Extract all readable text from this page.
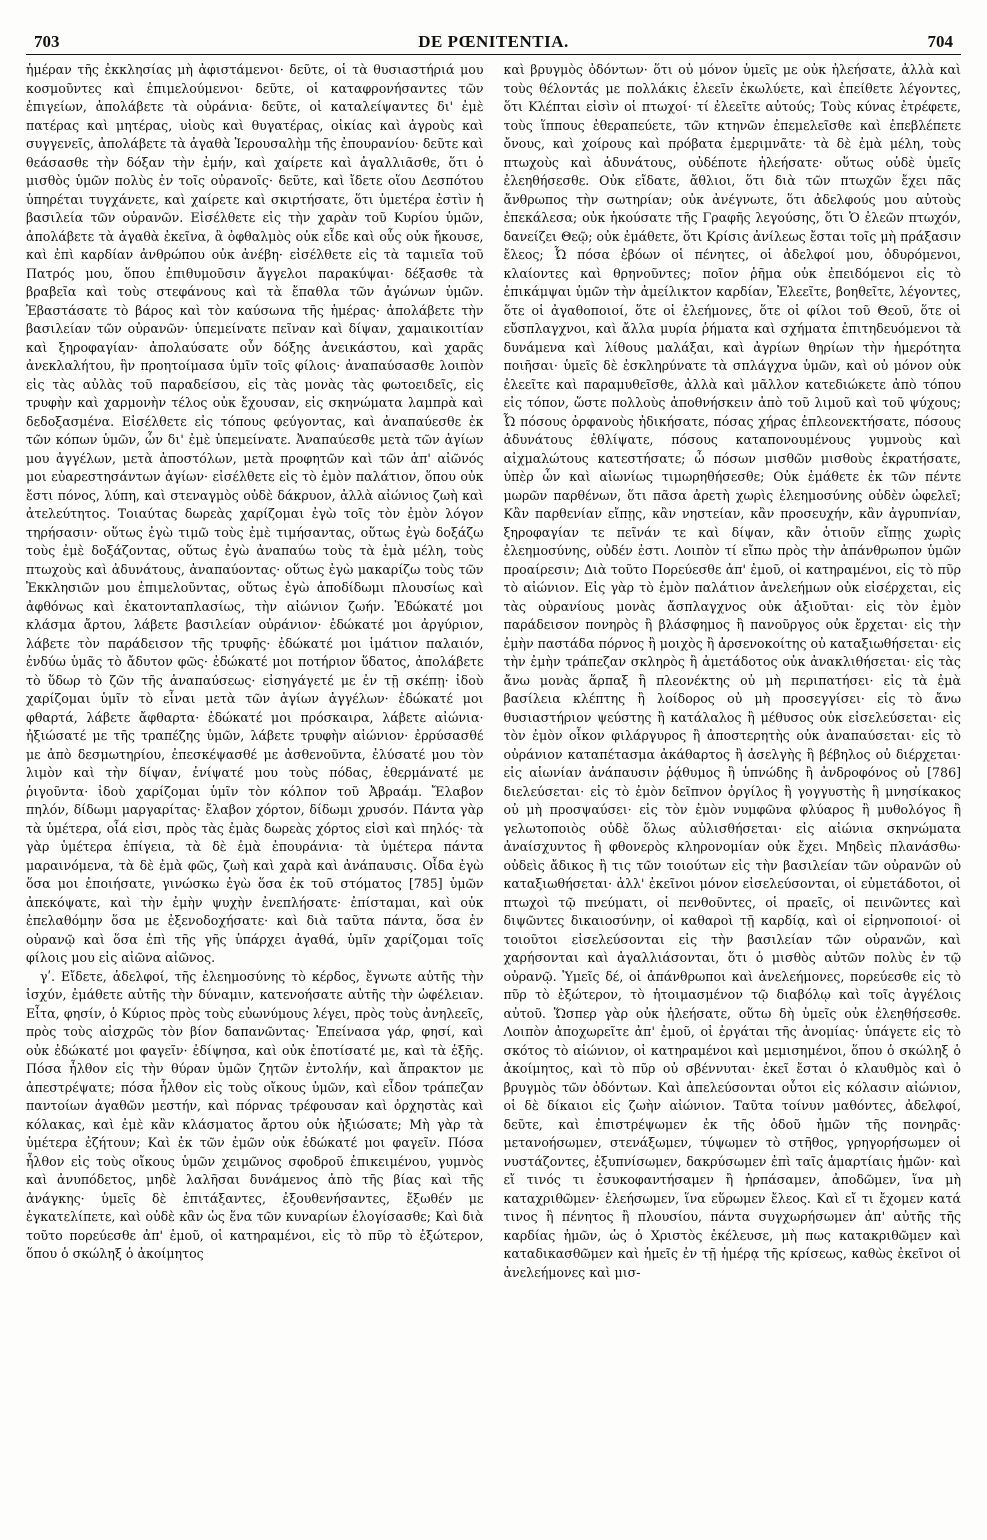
703	DE PŒNITENTIA.	704

ἡμέραν τῆς ἐκκλησίας μὴ ἀφιστάμενοι· δεῦτε, οἱ τὰ θυσιαστήριά μου κοσμοῦντες καὶ ἐπιμελούμενοι· δεῦτε, οἱ καταφρονήσαντες τῶν ἐπιγείων, ἀπολάβετε τὰ οὐράνια· δεῦτε, οἱ καταλείψαντες δι' ἐμὲ πατέρας καὶ μητέρας, υἱοὺς καὶ θυγατέρας, οἰκίας καὶ ἀγροὺς καὶ συγγενεῖς, ἀπολάβετε τὰ ἀγαθὰ Ἱερουσαλὴμ τῆς ἐπουρανίου· δεῦτε καὶ θεάσασθε τὴν δόξαν τὴν ἐμήν, καὶ χαίρετε καὶ ἀγαλλιᾶσθε, ὅτι ὁ μισθὸς ὑμῶν πολὺς ἐν τοῖς οὐρανοῖς· δεῦτε, καὶ ἴδετε οἵου Δεσπότου ὑπηρέται τυγχάνετε, καὶ χαίρετε καὶ σκιρτήσατε, ὅτι ὑμετέρα ἐστὶν ἡ βασιλεία τῶν οὐρανῶν. Εἰσέλθετε εἰς τὴν χαρὰν τοῦ Κυρίου ὑμῶν, ἀπολάβετε τὰ ἀγαθὰ ἐκεῖνα, ἃ ὀφθαλμὸς οὐκ εἶδε καὶ οὖς οὐκ ἤκουσε, καὶ ἐπὶ καρδίαν ἀνθρώπου οὐκ ἀνέβη· εἰσέλθετε εἰς τὰ ταμιεῖα τοῦ Πατρός μου, ὅπου ἐπιθυμοῦσιν ἄγγελοι παρακύψαι· δέξασθε τὰ βραβεῖα καὶ τοὺς στεφάνους καὶ τὰ ἔπαθλα τῶν ἀγώνων ὑμῶν. Ἐβαστάσατε τὸ βάρος καὶ τὸν καύσωνα τῆς ἡμέρας· ἀπολάβετε τὴν βασιλείαν τῶν οὐρανῶν· ὑπεμείνατε πεῖναν καὶ δίψαν, χαμαικοιτίαν καὶ ξηροφαγίαν· ἀπολαύσατε οὖν δόξης ἀνεικάστου, καὶ χαρᾶς ἀνεκλαλήτου, ἣν προητοίμασα ὑμῖν τοῖς φίλοις· ἀναπαύσασθε λοιπὸν εἰς τὰς αὐλὰς τοῦ παραδείσου, εἰς τὰς μονὰς τὰς φωτοειδεῖς, εἰς τρυφὴν καὶ χαρμονὴν τέλος οὐκ ἔχουσαν, εἰς σκηνώματα λαμπρὰ καὶ δεδοξασμένα. Εἰσέλθετε εἰς τόπους φεύγοντας, καὶ ἀναπαύεσθε ἐκ τῶν κόπων ὑμῶν, ὧν δι' ἐμὲ ὑπεμείνατε. Ἀναπαύεσθε μετὰ τῶν ἁγίων μου ἀγγέλων, μετὰ ἀποστόλων, μετὰ προφητῶν καὶ τῶν ἀπ' αἰῶνός μοι εὐαρεστησάντων ἁγίων· εἰσέλθετε εἰς τὸ ἐμὸν παλάτιον, ὅπου οὐκ ἔστι πόνος, λύπη, καὶ στεναγμὸς οὐδὲ δάκρυον, ἀλλὰ αἰώνιος ζωὴ καὶ ἀτελεύτητος. Τοιαύτας δωρεὰς χαρίζομαι ἐγὼ τοῖς τὸν ἐμὸν λόγον τηρήσασιν· οὕτως ἐγὼ τιμῶ τοὺς ἐμὲ τιμήσαντας, οὕτως ἐγὼ δοξάζω τοὺς ἐμὲ δοξάζοντας, οὕτως ἐγὼ ἀναπαύω τοὺς τὰ ἐμὰ μέλη, τοὺς πτωχοὺς καὶ ἀδυνάτους, ἀναπαύοντας· οὕτως ἐγὼ μακαρίζω τοὺς τῶν Ἐκκλησιῶν μου ἐπιμελοῦντας, οὕτως ἐγὼ ἀποδίδωμι πλουσίως καὶ ἀφθόνως καὶ ἑκατονταπλασίως, τὴν αἰώνιον ζωήν. Ἐδώκατέ μοι κλάσμα ἄρτου, λάβετε βασιλείαν οὐράνιον· ἐδώκατέ μοι ἀργύριον, λάβετε τὸν παράδεισον τῆς τρυφῆς· ἐδώκατέ μοι ἱμάτιον παλαιόν, ἐνδύω ὑμᾶς τὸ ἄδυτον φῶς· ἐδώκατέ μοι ποτήριον ὕδατος, ἀπολάβετε τὸ ὕδωρ τὸ ζῶν τῆς ἀναπαύσεως· εἰσηγάγετέ με ἐν τῇ σκέπῃ· ἰδοὺ χαρίζομαι ὑμῖν τὸ εἶναι μετὰ τῶν ἁγίων ἀγγέλων· ἐδώκατέ μοι φθαρτά, λάβετε ἄφθαρτα· ἐδώκατέ μοι πρόσκαιρα, λάβετε αἰώνια· ἠξιώσατέ με τῆς τραπέζης ὑμῶν, λάβετε τρυφὴν αἰώνιον· ἐρρύσασθέ με ἀπὸ δεσμωτηρίου, ἐπεσκέψασθέ με ἀσθενοῦντα, ἐλύσατέ μου τὸν λιμὸν καὶ τὴν δίψαν, ἐνίψατέ μου τοὺς πόδας, ἐθερμάνατέ με ῥιγοῦντα· ἰδοὺ χαρίζομαι ὑμῖν τὸν κόλπον τοῦ Ἀβραάμ. Ἔλαβον πηλόν, δίδωμι μαργαρίτας· ἔλαβον χόρτον, δίδωμι χρυσόν. Πάντα γὰρ τὰ ὑμέτερα, οἷά εἰσι, πρὸς τὰς ἐμὰς δωρεὰς χόρτος εἰσὶ καὶ πηλός· τὰ γὰρ ὑμέτερα ἐπίγεια, τὰ δὲ ἐμὰ ἐπουράνια· τὰ ὑμέτερα πάντα μαραινόμενα, τὰ δὲ ἐμὰ φῶς, ζωὴ καὶ χαρὰ καὶ ἀνάπαυσις. Οἶδα ἐγὼ ὅσα μοι ἐποιήσατε, γινώσκω ἐγὼ ὅσα ἐκ τοῦ στόματος [785] ὑμῶν ἀπεκόψατε, καὶ τὴν ἐμὴν ψυχὴν ἐνεπλήσατε· ἐπίσταμαι, καὶ οὐκ ἐπελαθόμην ὅσα με ἐξενοδοχήσατε· καὶ διὰ ταῦτα πάντα, ὅσα ἐν οὐρανῷ καὶ ὅσα ἐπὶ τῆς γῆς ὑπάρχει ἀγαθά, ὑμῖν χαρίζομαι τοῖς φίλοις μου εἰς αἰῶνα αἰῶνος.

γʹ. Εἴδετε, ἀδελφοί, τῆς ἐλεημοσύνης τὸ κέρδος, ἔγνωτε αὐτῆς τὴν ἰσχύν, ἐμάθετε αὐτῆς τὴν δύναμιν, κατενοήσατε αὐτῆς τὴν ὠφέλειαν. Εἶτα, φησίν, ὁ Κύριος πρὸς τοὺς εὐωνύμους λέγει, πρὸς τοὺς ἀνηλεεῖς, πρὸς τοὺς αἰσχρῶς τὸν βίον δαπανῶντας· Ἐπείνασα γάρ, φησί, καὶ οὐκ ἐδώκατέ μοι φαγεῖν· ἐδίψησα, καὶ οὐκ ἐποτίσατέ με, καὶ τὰ ἑξῆς. Πόσα ἦλθον εἰς τὴν θύραν ὑμῶν ζητῶν ἐντολήν, καὶ ἄπρακτον με ἀπεστρέψατε; πόσα ἦλθον εἰς τοὺς οἴκους ὑμῶν, καὶ εἶδον τράπεζαν παντοίων ἀγαθῶν μεστήν, καὶ πόρνας τρέφουσαν καὶ ὀρχηστὰς καὶ κόλακας, καὶ ἐμὲ κἂν κλάσματος ἄρτου οὐκ ἠξιώσατε; Μὴ γὰρ τὰ ὑμέτερα ἐζήτουν; Καὶ ἐκ τῶν ἐμῶν οὐκ ἐδώκατέ μοι φαγεῖν. Πόσα ἦλθον εἰς τοὺς οἴκους ὑμῶν χειμῶνος σφοδροῦ ἐπικειμένου, γυμνὸς καὶ ἀνυπόδετος, μηδὲ λαλῆσαι δυνάμενος ἀπὸ τῆς βίας καὶ τῆς ἀνάγκης· ὑμεῖς δὲ ἐπιτάξαντες, ἐξουθενήσαντες, ἔξωθέν με ἐγκατελίπετε, καὶ οὐδὲ κἂν ὡς ἕνα τῶν κυναρίων ἐλογίσασθε; Καὶ διὰ τοῦτο πορεύεσθε ἀπ' ἐμοῦ, οἱ κατηραμένοι, εἰς τὸ πῦρ τὸ ἐξώτερον, ὅπου ὁ σκώληξ ὁ ἀκοίμητος

καὶ βρυγμὸς ὀδόντων· ὅτι οὐ μόνον ὑμεῖς με οὐκ ἠλεήσατε, ἀλλὰ καὶ τοὺς θέλοντάς με πολλάκις ἐλεεῖν ἐκωλύετε, καὶ ἐπείθετε λέγοντες, ὅτι Κλέπται εἰσὶν οἱ πτωχοί· τί ἐλεεῖτε αὐτούς; Τοὺς κύνας ἐτρέφετε, τοὺς ἵππους ἐθεραπεύετε, τῶν κτηνῶν ἐπεμελεῖσθε καὶ ἐπεβλέπετε ὄνους, καὶ χοίρους καὶ πρόβατα ἐμεριμνᾶτε· τὰ δὲ ἐμὰ μέλη, τοὺς πτωχοὺς καὶ ἀδυνάτους, οὐδέποτε ἠλεήσατε· οὕτως οὐδὲ ὑμεῖς ἐλεηθήσεσθε. Οὐκ εἴδατε, ἄθλιοι, ὅτι διὰ τῶν πτωχῶν ἔχει πᾶς ἄνθρωπος τὴν σωτηρίαν; οὐκ ἀνέγνωτε, ὅτι ἀδελφούς μου αὐτοὺς ἐπεκάλεσα; οὐκ ἠκούσατε τῆς Γραφῆς λεγούσης, ὅτι Ὁ ἐλεῶν πτωχόν, δανείζει Θεῷ; οὐκ ἐμάθετε, ὅτι Κρίσις ἀνίλεως ἔσται τοῖς μὴ πράξασιν ἔλεος; Ὦ πόσα ἐβόων οἱ πένητες, οἱ ἀδελφοί μου, ὀδυρόμενοι, κλαίοντες καὶ θρηνοῦντες; ποῖον ῥῆμα οὐκ ἐπειδόμενοι εἰς τὸ ἐπικάμψαι ὑμῶν τὴν ἀμείλικτον καρδίαν, Ἐλεεῖτε, βοηθεῖτε, λέγοντες, ὅτε οἱ ἀγαθοποιοί, ὅτε οἱ ἐλεήμονες, ὅτε οἱ φίλοι τοῦ Θεοῦ, ὅτε οἱ εὔσπλαγχνοι, καὶ ἄλλα μυρία ῥήματα καὶ σχήματα ἐπιτηδευόμενοι τὰ δυνάμενα καὶ λίθους μαλάξαι, καὶ ἀγρίων θηρίων τὴν ἡμερότητα ποιῆσαι· ὑμεῖς δὲ ἐσκληρύνατε τὰ σπλάγχνα ὑμῶν, καὶ οὐ μόνον οὐκ ἐλεεῖτε καὶ παραμυθεῖσθε, ἀλλὰ καὶ μᾶλλον κατεδιώκετε ἀπὸ τόπου εἰς τόπον, ὥστε πολλοὺς ἀποθνήσκειν ἀπὸ τοῦ λιμοῦ καὶ τοῦ ψύχους; Ὦ πόσους ὀρφανοὺς ἠδικήσατε, πόσας χήρας ἐπλεονεκτήσατε, πόσους ἀδυνάτους ἐθλίψατε, πόσους καταπονουμένους γυμνοὺς καὶ αἰχμαλώτους κατεστήσατε; ὦ πόσων μισθῶν μισθοὺς ἐκρατήσατε, ὑπὲρ ὧν καὶ αἰωνίως τιμωρηθήσεσθε; Οὐκ ἐμάθετε ἐκ τῶν πέντε μωρῶν παρθένων, ὅτι πᾶσα ἀρετὴ χωρὶς ἐλεημοσύνης οὐδὲν ὠφελεῖ; Κἂν παρθενίαν εἴπῃς, κἂν νηστείαν, κἂν προσευχήν, κἂν ἀγρυπνίαν, ξηροφαγίαν τε πεῖνάν τε καὶ δίψαν, κἂν ὁτιοῦν εἴπῃς χωρὶς ἐλεημοσύνης, οὐδέν ἐστι. Λοιπὸν τί εἴπω πρὸς τὴν ἀπάνθρωπον ὑμῶν προαίρεσιν; Διὰ τοῦτο Πορεύεσθε ἀπ' ἐμοῦ, οἱ κατηραμένοι, εἰς τὸ πῦρ τὸ αἰώνιον. Εἰς γὰρ τὸ ἐμὸν παλάτιον ἀνελεήμων οὐκ εἰσέρχεται, εἰς τὰς οὐρανίους μονὰς ἄσπλαγχνος οὐκ ἀξιοῦται· εἰς τὸν ἐμὸν παράδεισον πονηρὸς ἢ βλάσφημος ἢ πανοῦργος οὐκ ἔρχεται· εἰς τὴν ἐμὴν παστάδα πόρνος ἢ μοιχὸς ἢ ἀρσενοκοίτης οὐ καταξιωθήσεται· εἰς τὴν ἐμὴν τράπεζαν σκληρὸς ἢ ἀμετάδοτος οὐκ ἀνακλιθήσεται· εἰς τὰς ἄνω μονὰς ἅρπαξ ἢ πλεονέκτης οὐ μὴ περιπατήσει· εἰς τὰ ἐμὰ βασίλεια κλέπτης ἢ λοίδορος οὐ μὴ προσεγγίσει· εἰς τὸ ἄνω θυσιαστήριον ψεύστης ἢ κατάλαλος ἢ μέθυσος οὐκ εἰσελεύσεται· εἰς τὸν ἐμὸν οἶκον φιλάργυρος ἢ ἀποστερητὴς οὐκ ἀναπαύσεται· εἰς τὸ οὐράνιον καταπέτασμα ἀκάθαρτος ἢ ἀσελγὴς ἢ βέβηλος οὐ διέρχεται· εἰς αἰωνίαν ἀνάπαυσιν ῥᾴθυμος ἢ ὑπνώδης ἢ ἀνδροφόνος οὐ [786] διελεύσεται· εἰς τὸ ἐμὸν δεῖπνον ὀργίλος ἢ γογγυστὴς ἢ μνησίκακος οὐ μὴ προσψαύσει· εἰς τὸν ἐμὸν νυμφῶνα φλύαρος ἢ μυθολόγος ἢ γελωτοποιὸς οὐδὲ ὅλως αὐλισθήσεται· εἰς αἰώνια σκηνώματα ἀναίσχυντος ἢ φθονερὸς κληρονομίαν οὐκ ἔχει. Μηδεὶς πλανάσθω· οὐδεὶς ἄδικος ἢ τις τῶν τοιούτων εἰς τὴν βασιλείαν τῶν οὐρανῶν οὐ καταξιωθήσεται· ἀλλ' ἐκεῖνοι μόνον εἰσελεύσονται, οἱ εὐμετάδοτοι, οἱ πτωχοὶ τῷ πνεύματι, οἱ πενθοῦντες, οἱ πραεῖς, οἱ πεινῶντες καὶ διψῶντες δικαιοσύνην, οἱ καθαροὶ τῇ καρδίᾳ, καὶ οἱ εἰρηνοποιοί· οἱ τοιοῦτοι εἰσελεύσονται εἰς τὴν βασιλείαν τῶν οὐρανῶν, καὶ χαρήσονται καὶ ἀγαλλιάσονται, ὅτι ὁ μισθὸς αὐτῶν πολὺς ἐν τῷ οὐρανῷ. Ὑμεῖς δέ, οἱ ἀπάνθρωποι καὶ ἀνελεήμονες, πορεύεσθε εἰς τὸ πῦρ τὸ ἐξώτερον, τὸ ἡτοιμασμένον τῷ διαβόλῳ καὶ τοῖς ἀγγέλοις αὐτοῦ. Ὥσπερ γὰρ οὐκ ἠλεήσατε, οὕτω δὴ ὑμεῖς οὐκ ἐλεηθήσεσθε. Λοιπὸν ἀποχωρεῖτε ἀπ' ἐμοῦ, οἱ ἐργάται τῆς ἀνομίας· ὑπάγετε εἰς τὸ σκότος τὸ αἰώνιον, οἱ κατηραμένοι καὶ μεμισημένοι, ὅπου ὁ σκώληξ ὁ ἀκοίμητος, καὶ τὸ πῦρ οὐ σβέννυται· ἐκεῖ ἔσται ὁ κλαυθμὸς καὶ ὁ βρυγμὸς τῶν ὀδόντων. Καὶ ἀπελεύσονται οὗτοι εἰς κόλασιν αἰώνιον, οἱ δὲ δίκαιοι εἰς ζωὴν αἰώνιον. Ταῦτα τοίνυν μαθόντες, ἀδελφοί, δεῦτε, καὶ ἐπιστρέψωμεν ἐκ τῆς ὁδοῦ ἡμῶν τῆς πονηρᾶς· μετανοήσωμεν, στενάξωμεν, τύψωμεν τὸ στῆθος, γρηγορήσωμεν οἱ νυστάζοντες, ἐξυπνίσωμεν, δακρύσωμεν ἐπὶ ταῖς ἁμαρτίαις ἡμῶν· καὶ εἴ τινός τι ἐσυκοφαντήσαμεν ἢ ἡρπάσαμεν, ἀποδῶμεν, ἵνα μὴ καταχριθῶμεν· ἐλεήσωμεν, ἵνα εὕρωμεν ἔλεος. Καὶ εἴ τι ἔχομεν κατά τινος ἢ πένητος ἢ πλουσίου, πάντα συγχωρήσωμεν ἀπ' αὐτῆς τῆς καρδίας ἡμῶν, ὡς ὁ Χριστὸς ἐκέλευσε, μὴ πως κατακριθῶμεν καὶ καταδικασθῶμεν καὶ ἡμεῖς ἐν τῇ ἡμέρᾳ τῆς κρίσεως, καθὼς ἐκεῖνοι οἱ ἀνελεήμονες καὶ μισ-
